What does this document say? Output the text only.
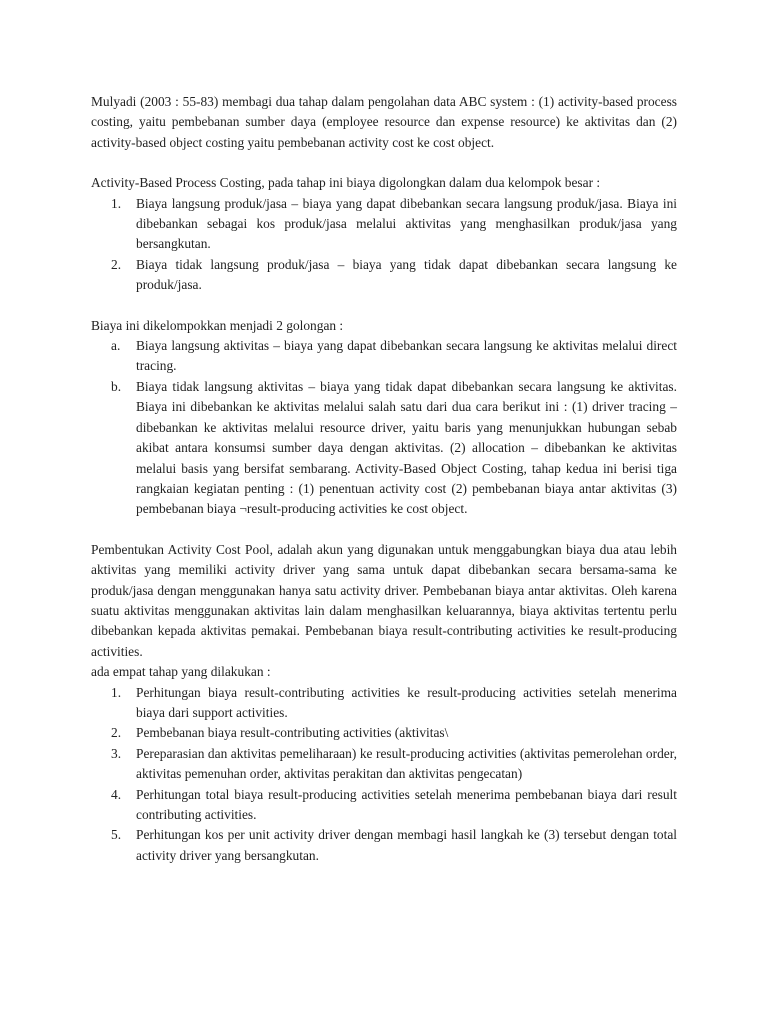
Mulyadi (2003 : 55-83) membagi dua tahap dalam pengolahan data ABC system : (1) activity-based process costing, yaitu pembebanan sumber daya (employee resource dan expense resource) ke aktivitas dan (2) activity-based object costing yaitu pembebanan activity cost ke cost object.

Activity-Based Process Costing, pada tahap ini biaya digolongkan dalam dua kelompok besar :

1. Biaya langsung produk/jasa – biaya yang dapat dibebankan secara langsung produk/jasa. Biaya ini dibebankan sebagai kos produk/jasa melalui aktivitas yang menghasilkan produk/jasa yang bersangkutan.
2. Biaya tidak langsung produk/jasa – biaya yang tidak dapat dibebankan secara langsung ke produk/jasa.

Biaya ini dikelompokkan menjadi 2 golongan :

a. Biaya langsung aktivitas – biaya yang dapat dibebankan secara langsung ke aktivitas melalui direct tracing.
b. Biaya tidak langsung aktivitas – biaya yang tidak dapat dibebankan secara langsung ke aktivitas. Biaya ini dibebankan ke aktivitas melalui salah satu dari dua cara berikut ini : (1) driver tracing – dibebankan ke aktivitas melalui resource driver, yaitu baris yang menunjukkan hubungan sebab akibat antara konsumsi sumber daya dengan aktivitas. (2) allocation – dibebankan ke aktivitas melalui basis yang bersifat sembarang. Activity-Based Object Costing, tahap kedua ini berisi tiga rangkaian kegiatan penting : (1) penentuan activity cost (2) pembebanan biaya antar aktivitas (3) pembebanan biaya ¬result-producing activities ke cost object.

Pembentukan Activity Cost Pool, adalah akun yang digunakan untuk menggabungkan biaya dua atau lebih aktivitas yang memiliki activity driver yang sama untuk dapat dibebankan secara bersama-sama ke produk/jasa dengan menggunakan hanya satu activity driver. Pembebanan biaya antar aktivitas. Oleh karena suatu aktivitas menggunakan aktivitas lain dalam menghasilkan keluarannya, biaya aktivitas tertentu perlu dibebankan kepada aktivitas pemakai. Pembebanan biaya result-contributing activities ke result-producing activities.

ada empat tahap yang dilakukan :

1. Perhitungan biaya result-contributing activities ke result-producing activities setelah menerima biaya dari support activities.
2. Pembebanan biaya result-contributing activities (aktivitas\
3. Pereparasian dan aktivitas pemeliharaan) ke result-producing activities (aktivitas pemerolehan order, aktivitas pemenuhan order, aktivitas perakitan dan aktivitas pengecatan)
4. Perhitungan total biaya result-producing activities setelah menerima pembebanan biaya dari result contributing activities.
5. Perhitungan kos per unit activity driver dengan membagi hasil langkah ke (3) tersebut dengan total activity driver yang bersangkutan.
